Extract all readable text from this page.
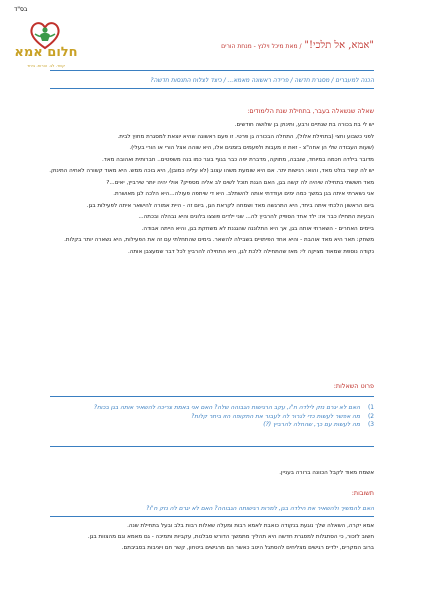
בס"ד
חלום אמא
קשר. לב. הורות. ביחד
"אמא, אל תלכי!" / מאת מיכל וילנץ - מנחת הורים
הכנה למעברים / מסגרת חדשה / פרידה ראשונה מאמא... / כיצד לצלוח התנסות חדשה?
שאלה שנשאלה בעבר, בתחילת שנת הלימודים:

יש לי בת בכורה בת שנתיים ורבע, ותינוק בן שלושה חודשים.

לפני כשבוע וחצי (בתחילת אלול), התחלה הבכורה גן פרטי. זו פעם ראשונה שהיא יוצאת למסגרת מחוץ לבית.

(שעות העבודה שלי הן אחה"צ - זאת זו מעבות ולפעמים בזמנים אלו, היא שוהה אצל הורי או הורי בעלי).

מדובר בילדה חכמה במיוחד, שובבה, מתוקה, מדברת יפה כבר בגוף בוגר כמו בנה משפטים.. חברותית ואהובה מאד.

יש לה קשר בולט מאד, והוא: רגישות יתר. אם היא שומעת משהו עצוב (לא עליה כמובן), היא בוכה ממש. היא מאוד קשורה לאחיה התינוק.

מאד חששתי בתחילה שיהיה לה קשה בגן, האם הגנת תוכל לשים לב אליה מספיק? אולי יהיה יותר שירביץ, יאים...?

אני נשארתי איתה בגן במשך כמה ימים ועודדתי אותה להשתלב. היא די שיתפה פעולה...היא הלכה לגן מאושרת.

ביום הראשון הלכתי איתה ביחד, היא התרגשה מאד ושמחה לקראת הגן, ביום זה - היית אמורה להישאר איתה לפעילות בגן.

הבעיות התחילו כבר אז: ילד אחד הספיק להרביץ לה... שני ילדים פוצצו בלונים והיא נבהלה ובכתה...

ביימים האחרים - השארתי אותה בגן, אך היא התלוננה שהגננת לא משחקת בגן, והיא הייתה אבודה.

משחק: תאר היא מאד אוהבת - והיא אחד הפיתויים בשבילה להשאר. בימים שהתחלתי עם זה את הפעילות, היא נשארה יותר בקלות.

נקודה נוספת שמאוד מציקה לי: מאז שהתחילה ללכת לגן, היא התחילה להרביץ לכל דבר שמעצבן אותה.

פרוט השאלות:
1)
האם לא יגרם נזק לילדה ח"ו, עקב הרגישות הגבוהה שלה? האם אני באמת צריכה להשאיר אותה בגן בכוח?
2)
מה אפשר לעשות כדי לגרור לה לעבור את התקופה הזו ביתר קלות?
3)
מה לעשות עם כך, שהחלה להרביץ (?)
אשמח מאוד לקבל הכוונה ברורה בעניין.
תשובות:
האם להמשיך ולהשאיר את הילדה בגן, למרות רגישותה הגבוהה? האם לא יגרם לה נזק ח"ו?

אמא יקרה, השאלה שלך נוגעת בנקודה כואבת לאמא רבות ומעלה שאלות רבות בלב ובעל בתחילת שנה.

חשוב לזכור, כי הסתגלות למסגרת חדשה היא תהליך מתמשך הדורש סבלנות, עקביות ותמיכה - גם מאמא וגם מהצוות בגן.

ברוב המקרים, ילדים רגישים מצליחים להסתגל היטב כאשר הם מרגישים ביטחון, קשר חם ויציבות בסביבתם.
